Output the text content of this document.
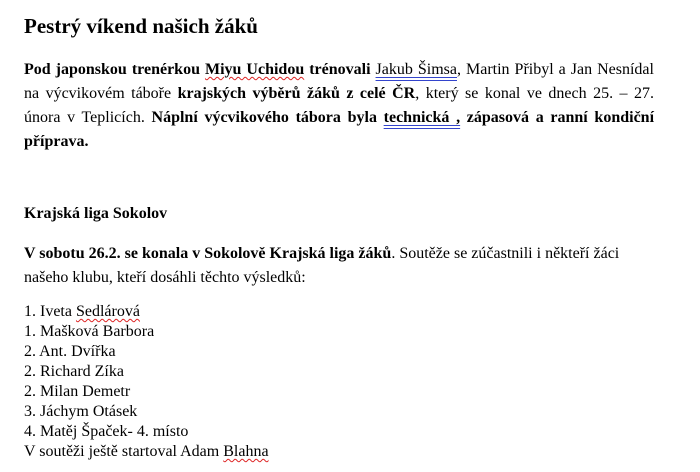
Pestrý víkend našich žáků

Pod japonskou trenérkou Miyu Uchidou trénovali Jakub Šimsa, Martin Přibyl a Jan Nesnídal na výcvikovém táboře krajských výběrů žáků z celé ČR, který se konal ve dnech 25. – 27. února v Teplicích. Náplní výcvikového tábora byla technická , zápasová a ranní kondiční příprava.

Krajská liga Sokolov

V sobotu 26.2. se konala v Sokolově Krajská liga žáků. Soutěže se zúčastnili i někteří žáci našeho klubu, kteří dosáhli těchto výsledků:

1. Iveta Sedlárová
1. Mašková Barbora
2. Ant. Dvířka
2. Richard Zíka
2. Milan Demetr
3. Jáchym Otásek
4. Matěj Špaček- 4. místo
V soutěži ještě startoval Adam Blahna
